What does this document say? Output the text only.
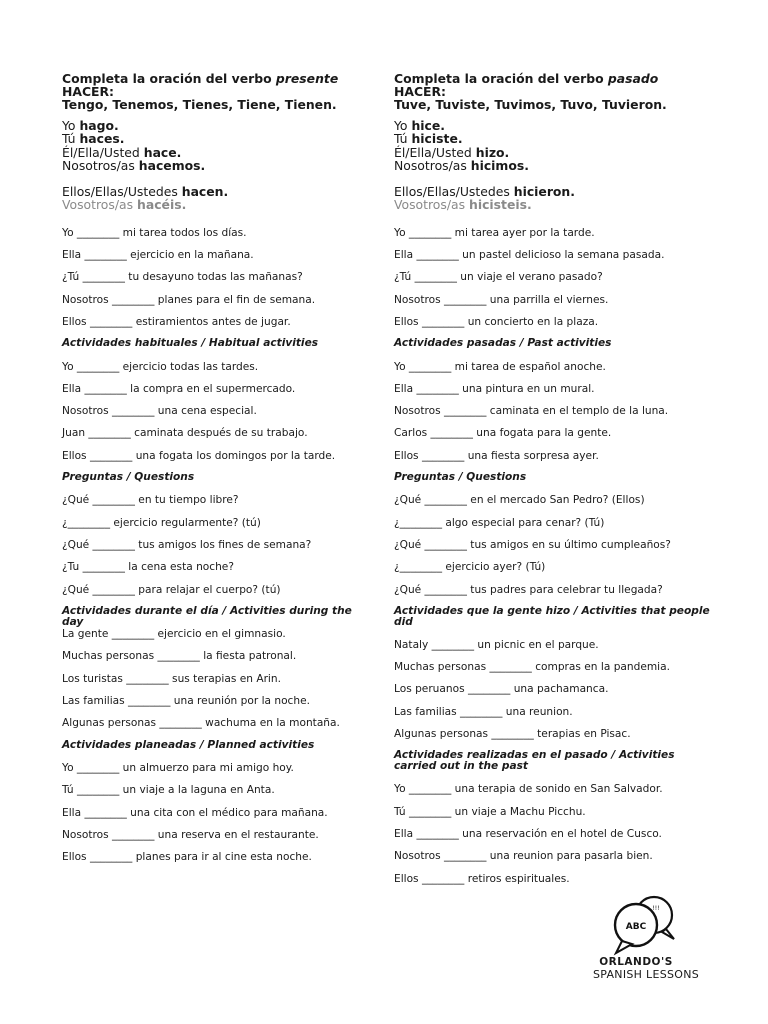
Completa la oración del verbo presente HACER:
Tengo, Tenemos, Tienes, Tiene, Tienen.

Yo hago.
Tú haces.
Él/Ella/Usted hace.
Nosotros/as hacemos.
Ellos/Ellas/Ustedes hacen.
Vosotros/as hacéis.
Yo ________ mi tarea todos los días.
Ella ________ ejercicio en la mañana.
¿Tú ________ tu desayuno todas las mañanas?
Nosotros ________ planes para el fin de semana.
Ellos ________ estiramientos antes de jugar.
Actividades habituales / Habitual activities
Yo ________ ejercicio todas las tardes.
Ella ________ la compra en el supermercado.
Nosotros ________ una cena especial.
Juan ________ caminata después de su trabajo.
Ellos ________ una fogata los domingos por la tarde.
Preguntas / Questions
¿Qué ________ en tu tiempo libre?
¿________ ejercicio regularmente? (tú)
¿Qué ________ tus amigos los fines de semana?
¿Tu ________ la cena esta noche?
¿Qué ________ para relajar el cuerpo? (tú)
Actividades durante el día / Activities during the day
La gente ________ ejercicio en el gimnasio.
Muchas personas ________ la fiesta patronal.
Los turistas ________ sus terapias en Arin.
Las familias ________ una reunión por la noche.
Algunas personas ________ wachuma en la montaña.
Actividades planeadas / Planned activities
Yo ________ un almuerzo para mi amigo hoy.
Tú ________ un viaje a la laguna en Anta.
Ella ________ una cita con el médico para mañana.
Nosotros ________ una reserva en el restaurante.
Ellos ________ planes para ir al cine esta noche.

Completa la oración del verbo pasado HACER:
Tuve, Tuviste, Tuvimos, Tuvo, Tuvieron.

Yo hice.
Tú hiciste.
Él/Ella/Usted hizo.
Nosotros/as hicimos.
Ellos/Ellas/Ustedes hicieron.
Vosotros/as hicisteis.
Yo ________ mi tarea ayer por la tarde.
Ella ________ un pastel delicioso la semana pasada.
¿Tú ________ un viaje el verano pasado?
Nosotros ________ una parrilla el viernes.
Ellos ________ un concierto en la plaza.
Actividades pasadas / Past activities
Yo ________ mi tarea de español anoche.
Ella ________ una pintura en un mural.
Nosotros ________ caminata en el templo de la luna.
Carlos ________ una fogata para la gente.
Ellos ________ una fiesta sorpresa ayer.
Preguntas / Questions
¿Qué ________ en el mercado San Pedro? (Ellos)
¿________ algo especial para cenar? (Tú)
¿Qué ________ tus amigos en su último cumpleaños?
¿________ ejercicio ayer? (Tú)
¿Qué ________ tus padres para celebrar tu llegada?
Actividades que la gente hizo / Activities that people did
Nataly ________ un picnic en el parque.
Muchas personas ________ compras en la pandemia.
Los peruanos ________ una pachamanca.
Las familias ________ una reunion.
Algunas personas ________ terapias en Pisac.
Actividades realizadas en el pasado / Activities carried out in the past
Yo ________ una terapia de sonido en San Salvador.
Tú ________ un viaje a Machu Picchu.
Ella ________ una reservación en el hotel de Cusco.
Nosotros ________ una reunion para pasarla bien.
Ellos ________ retiros espirituales.
ABC
!!!
ORLANDO'S
SPANISH LESSONS
